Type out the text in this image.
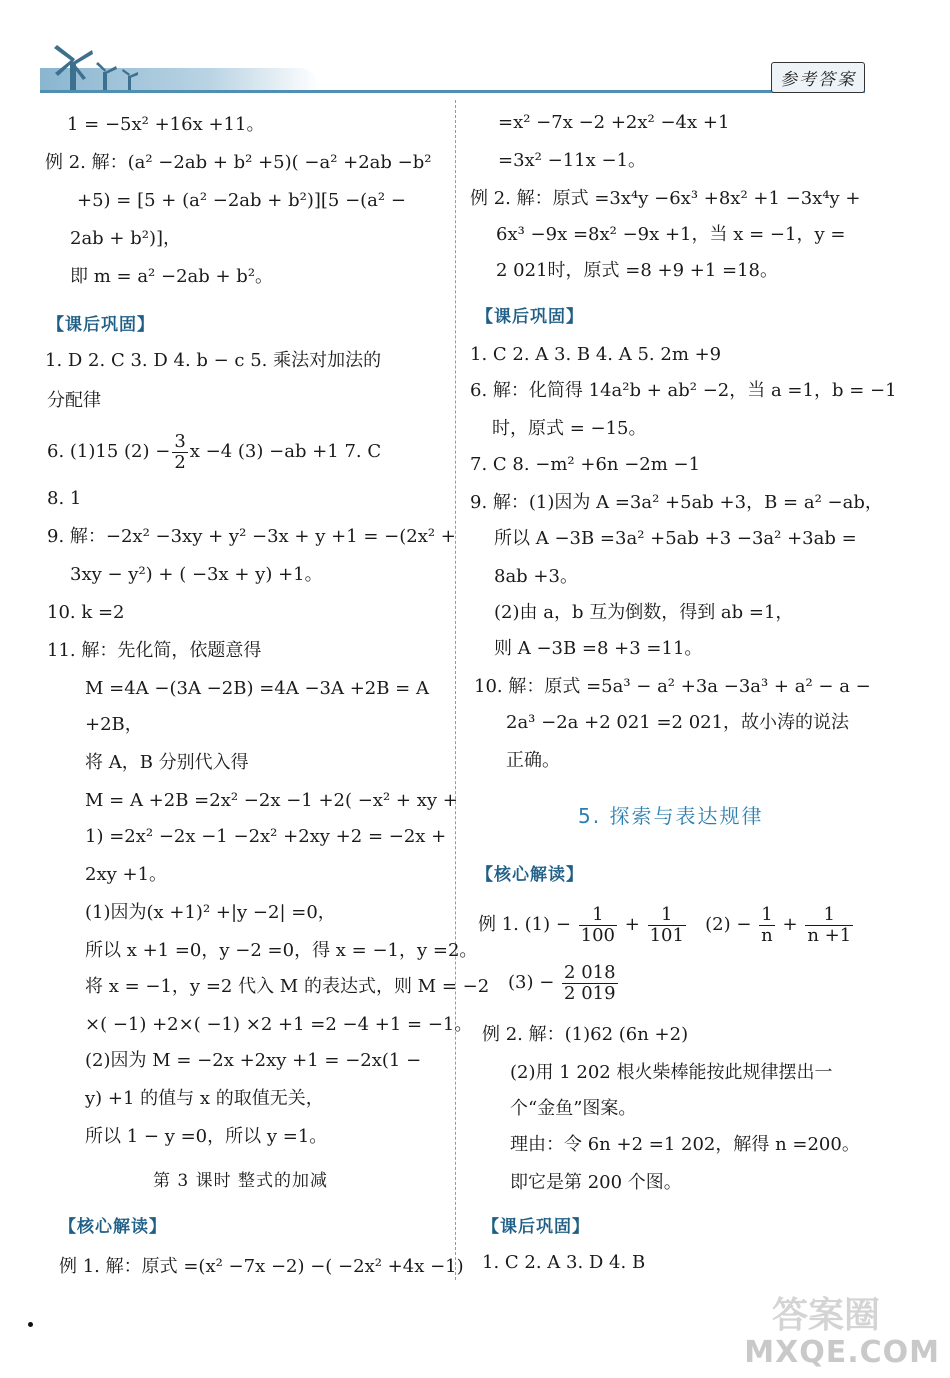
参考答案
1 = −5x² +16x +11。
例 2. 解：(a² −2ab + b² +5)( −a² +2ab −b²
+5) = [5 + (a² −2ab + b²)][5 −(a² −
2ab + b²)]，
即 m = a² −2ab + b²。
【课后巩固】
1. D 2. C 3. D 4. b − c 5. 乘法对加法的
分配律
6. (1)15 $(2) - \frac{3}{2}$ x −4 (3) −ab +1 7. C
8. 1
9. 解：−2x² −3xy + y² −3x + y +1 = −(2x² +
3xy − y²) + ( −3x + y) +1。
10. k =2
11. 解：先化简，依题意得
M =4A −(3A −2B) =4A −3A +2B = A
+2B，
将 A，B 分别代入得
M = A +2B =2x² −2x −1 +2( −x² + xy +
1) =2x² −2x −1 −2x² +2xy +2 = −2x +
2xy +1。
(1)因为(x +1)² +|y −2| =0，
所以 x +1 =0，y −2 =0，得 x = −1，y =2。
将 x = −1，y =2 代入 M 的表达式，则 M = −2
×( −1) +2×( −1) ×2 +1 =2 −4 +1 = −1。
(2)因为 M = −2x +2xy +1 = −2x(1 −
y) +1 的值与 x 的取值无关，
所以 1 − y =0，所以 y =1。
第 3 课时 整式的加减
【核心解读】
例 1. 解：原式 =(x² −7x −2) −( −2x² +4x −1)
=x² −7x −2 +2x² −4x +1
=3x² −11x −1。
例 2. 解：原式 =3x⁴y −6x³ +8x² +1 −3x⁴y +
6x³ −9x =8x² −9x +1，当 x = −1，y =
2 021时，原式 =8 +9 +1 =18。
【课后巩固】
1. C 2. A 3. B 4. A 5. 2m +9
6. 解：化简得 14a²b + ab² −2，当 a =1，b = −1
时，原式 = −15。
7. C 8. −m² +6n −2m −1
9. 解：(1)因为 A =3a² +5ab +3，B = a² −ab，
所以 A −3B =3a² +5ab +3 −3a² +3ab =
8ab +3。
(2)由 a，b 互为倒数，得到 ab =1，
则 A −3B =8 +3 =11。
10. 解：原式 =5a³ − a² +3a −3a³ + a² − a −
2a³ −2a +2 021 =2 021，故小涛的说法
正确。
5. 探索与表达规律
【核心解读】
例 1. $(1) - \frac{1}{100} + \frac{1}{101} (2) - \frac{1}{n} + \frac{1}{n +1}$
$(3) - \frac{2 018}{2 019}$
例 2. 解：(1)62 (6n +2)
(2)用 1 202 根火柴棒能按此规律摆出一
个“金鱼”图案。
理由：令 6n +2 =1 202，解得 n =200。
即它是第 200 个图。
【课后巩固】
1. C 2. A 3. D 4. B
答案圈
MXQE.COM
